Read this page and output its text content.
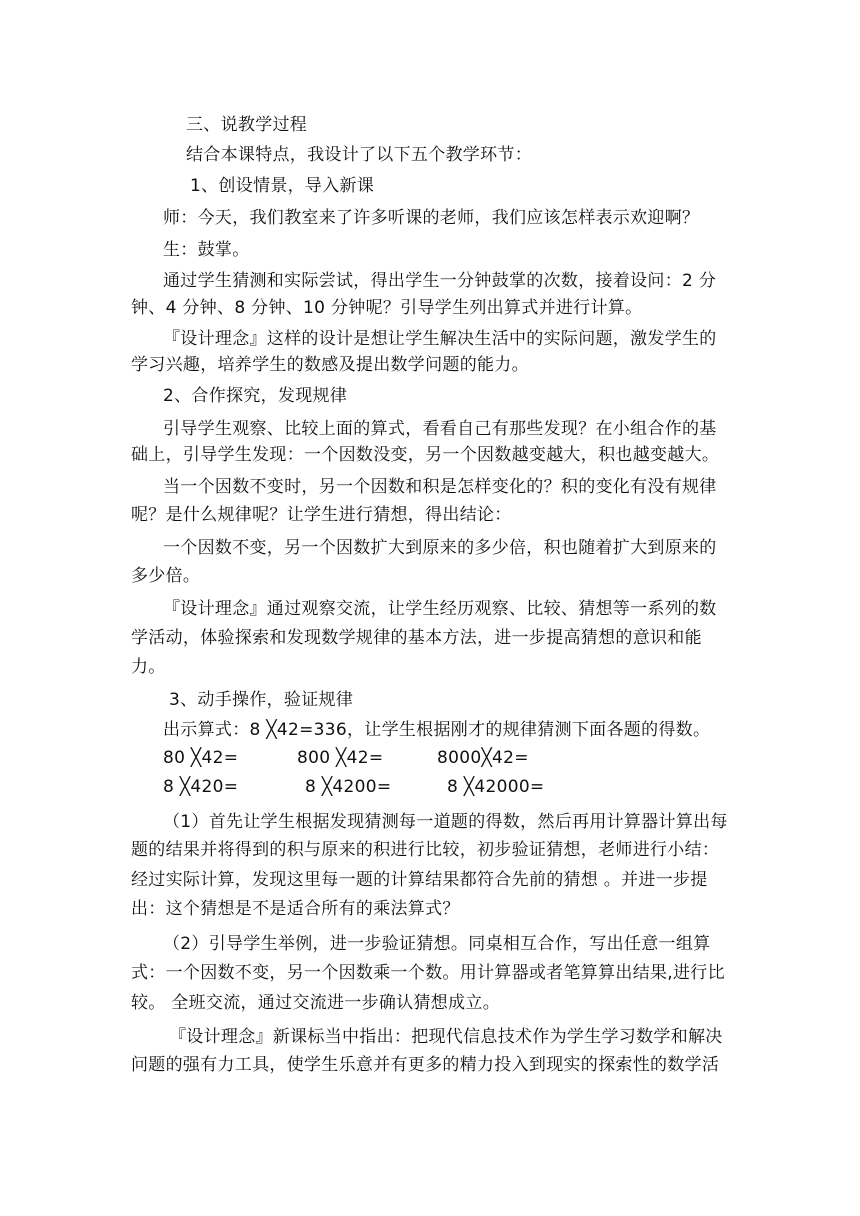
三、说教学过程
结合本课特点，我设计了以下五个教学环节：
1、创设情景，导入新课
师：今天，我们教室来了许多听课的老师，我们应该怎样表示欢迎啊？
生：鼓掌。
通过学生猜测和实际尝试，得出学生一分钟鼓掌的次数，接着设问：2 分
钟、4 分钟、8 分钟、10 分钟呢？引导学生列出算式并进行计算。
『设计理念』这样的设计是想让学生解决生活中的实际问题，激发学生的
学习兴趣，培养学生的数感及提出数学问题的能力。
2、合作探究，发现规律
引导学生观察、比较上面的算式，看看自己有那些发现？在小组合作的基
础上，引导学生发现：一个因数没变，另一个因数越变越大，积也越变越大。
当一个因数不变时，另一个因数和积是怎样变化的？积的变化有没有规律
呢？是什么规律呢？让学生进行猜想，得出结论：
一个因数不变，另一个因数扩大到原来的多少倍，积也随着扩大到原来的
多少倍。
『设计理念』通过观察交流，让学生经历观察、比较、猜想等一系列的数
学活动，体验探索和发现数学规律的基本方法，进一步提高猜想的意识和能
力。
3、动手操作，验证规律
出示算式：8 ╳42=336，让学生根据刚才的规律猜测下面各题的得数。
80 ╳42=	800 ╳42=	8000╳42=
8 ╳420=	8 ╳4200=	8 ╳42000=
（1）首先让学生根据发现猜测每一道题的得数，然后再用计算器计算出每
题的结果并将得到的积与原来的积进行比较，初步验证猜想，老师进行小结：
经过实际计算，发现这里每一题的计算结果都符合先前的猜想 。并进一步提
出：这个猜想是不是适合所有的乘法算式？
（2）引导学生举例，进一步验证猜想。同桌相互合作，写出任意一组算
式：一个因数不变，另一个因数乘一个数。用计算器或者笔算算出结果,进行比
较。 全班交流，通过交流进一步确认猜想成立。
『设计理念』新课标当中指出：把现代信息技术作为学生学习数学和解决
问题的强有力工具，使学生乐意并有更多的精力投入到现实的探索性的数学活
